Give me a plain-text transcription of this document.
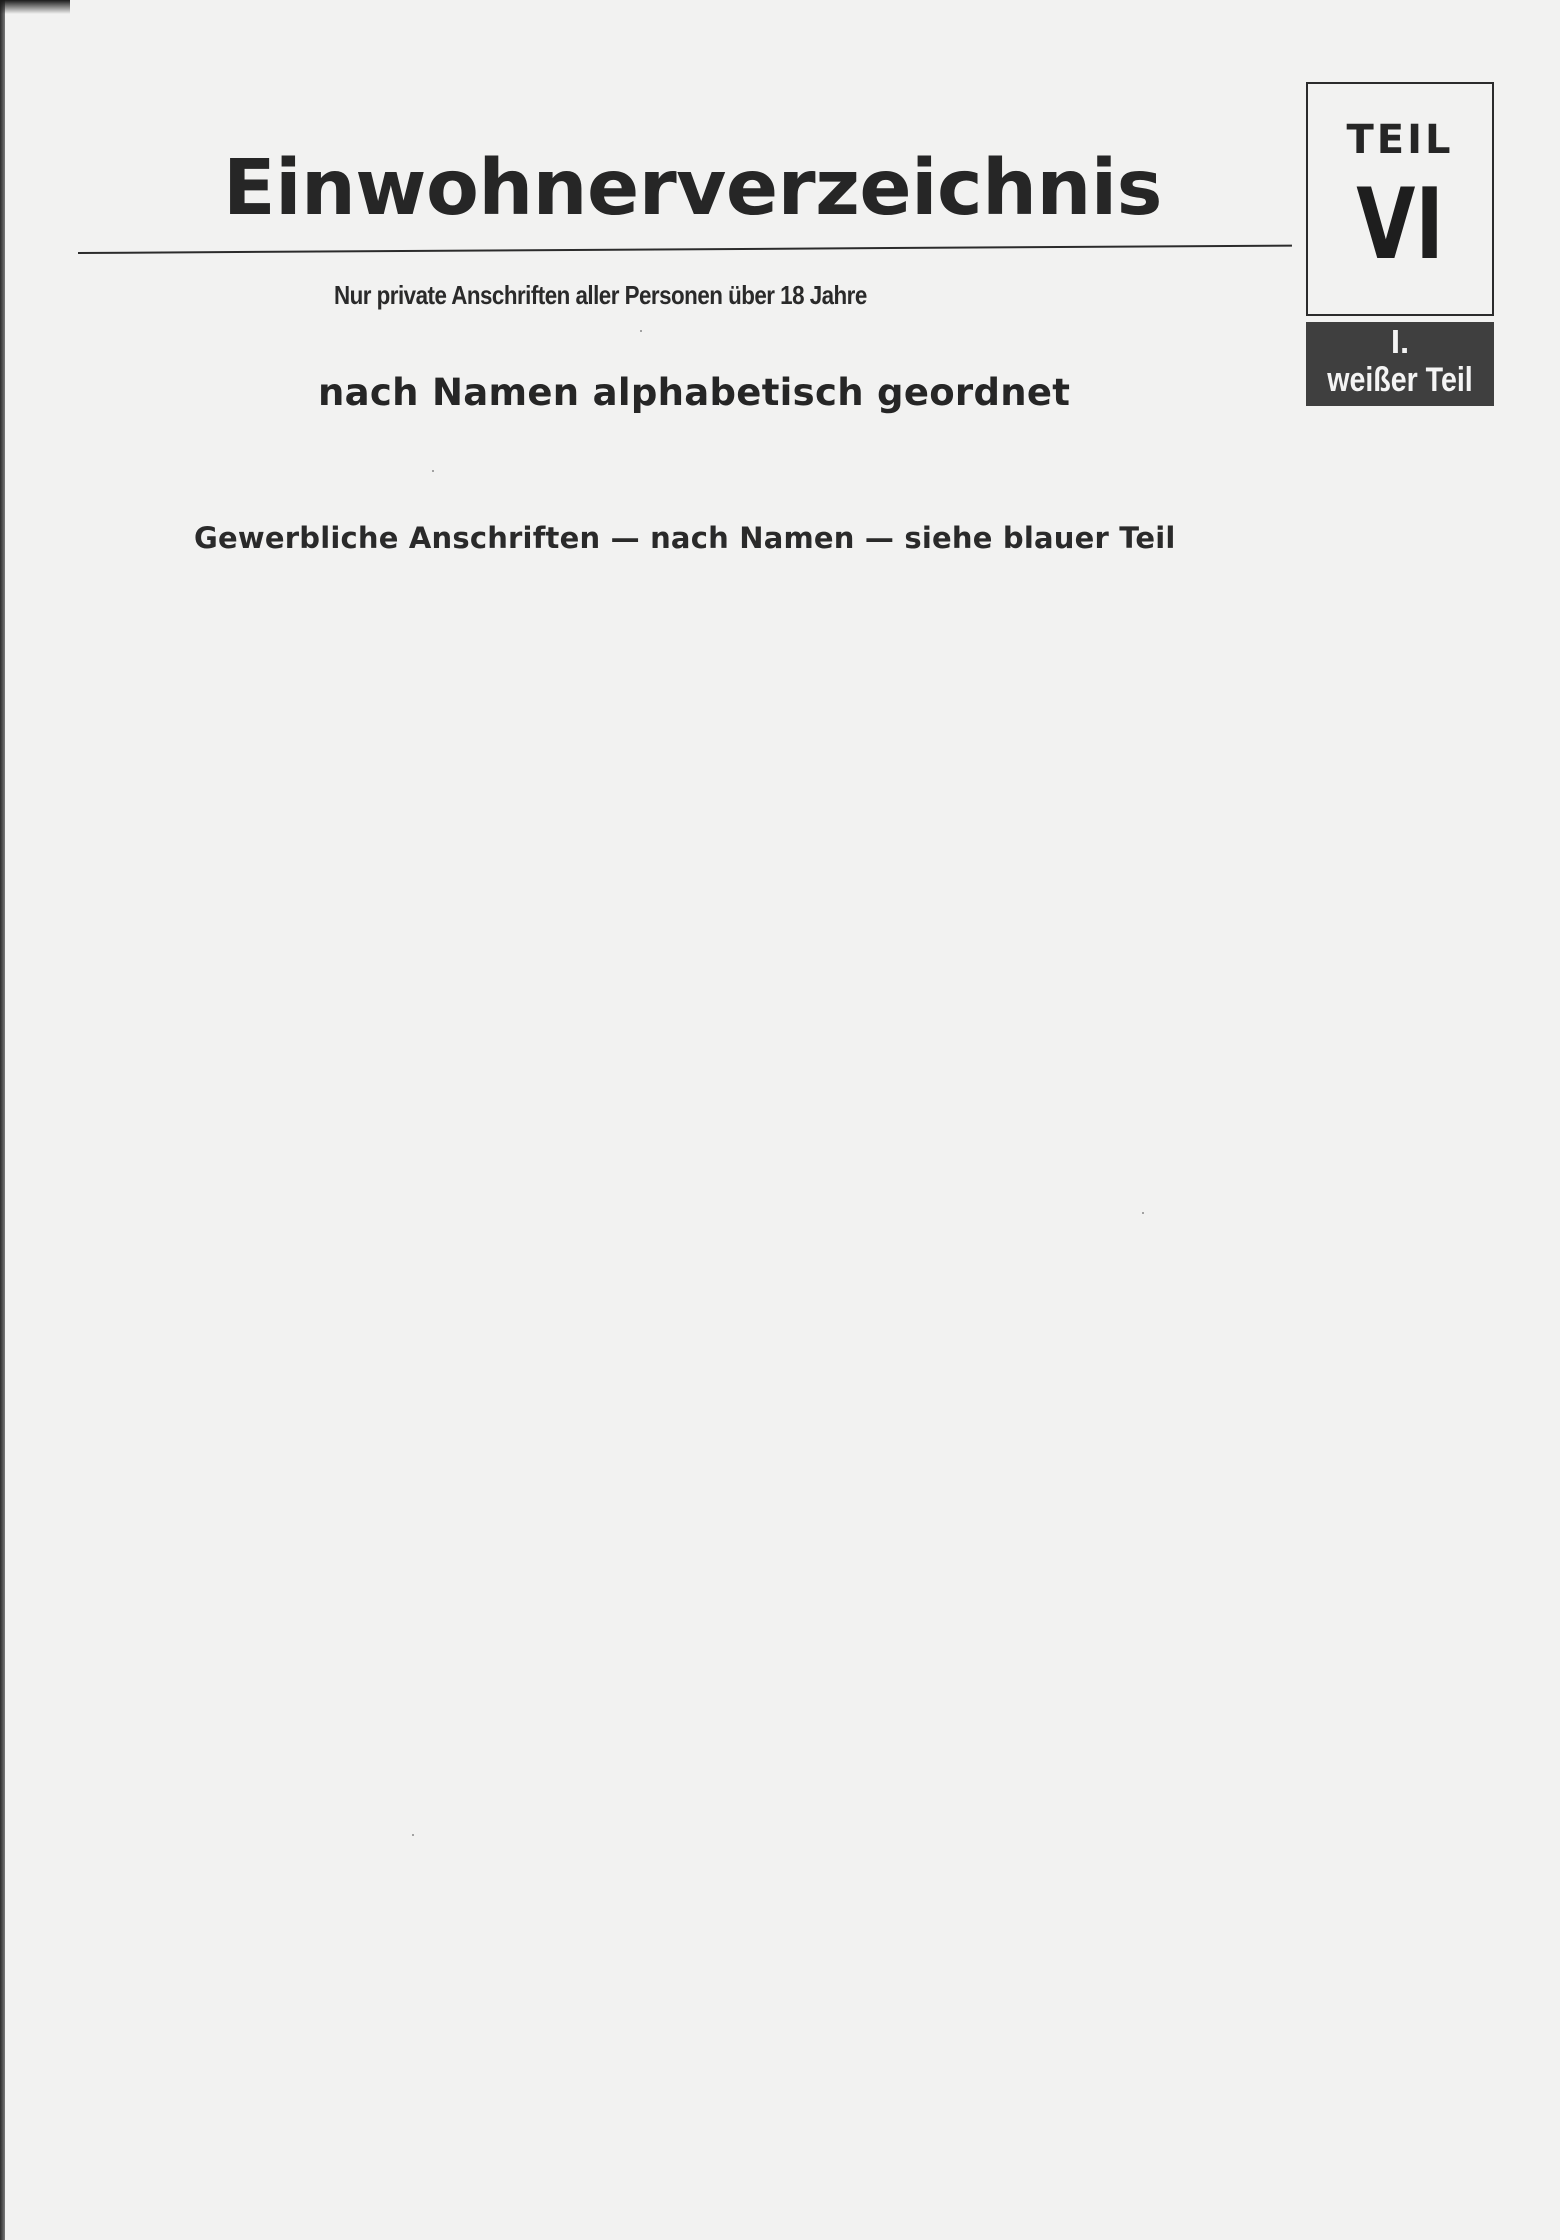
Einwohnerverzeichnis
Nur private Anschriften aller Personen über 18 Jahre
nach Namen alphabetisch geordnet
Gewerbliche Anschriften — nach Namen — siehe blauer Teil
TEIL
VI
I.
weißer Teil
